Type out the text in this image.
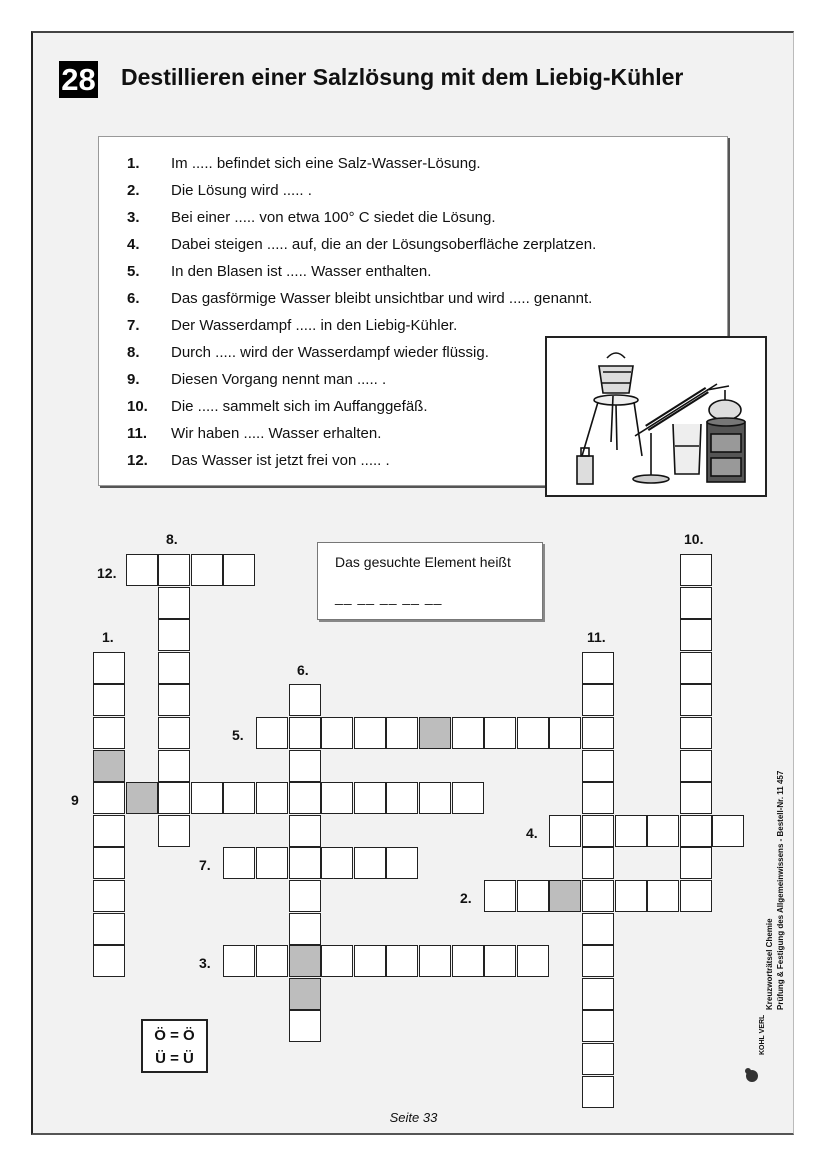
28 Destillieren einer Salzlösung mit dem Liebig-Kühler
1.	Im ..... befindet sich eine Salz-Wasser-Lösung.
2.	Die Lösung wird ..... .
3.	Bei einer ..... von etwa 100° C siedet die Lösung.
4.	Dabei steigen ..... auf, die an der Lösungsoberfläche zerplatzen.
5.	In den Blasen ist ..... Wasser enthalten.
6.	Das gasförmige Wasser bleibt unsichtbar und wird ..... genannt.
7.	Der Wasserdampf ..... in den Liebig-Kühler.
8.	Durch ..... wird der Wasserdampf wieder flüssig.
9.	Diesen Vorgang nennt man ..... .
10.	Die ..... sammelt sich im Auffanggefäß.
11.	Wir haben ..... Wasser erhalten.
12.	Das Wasser ist jetzt frei von ..... .
Das gesuchte Element heißt
__ __ __ __ __
12.
8.
1.
6.
5.
9
4.
7.
2.
3.
11.
10.
Ö = Ö
Ü = Ü
KOHL VERLAG
Kreuzworträtsel Chemie Prüfung & Festigung des Allgemeinwissens - Bestell-Nr. 11 457
Seite 33
